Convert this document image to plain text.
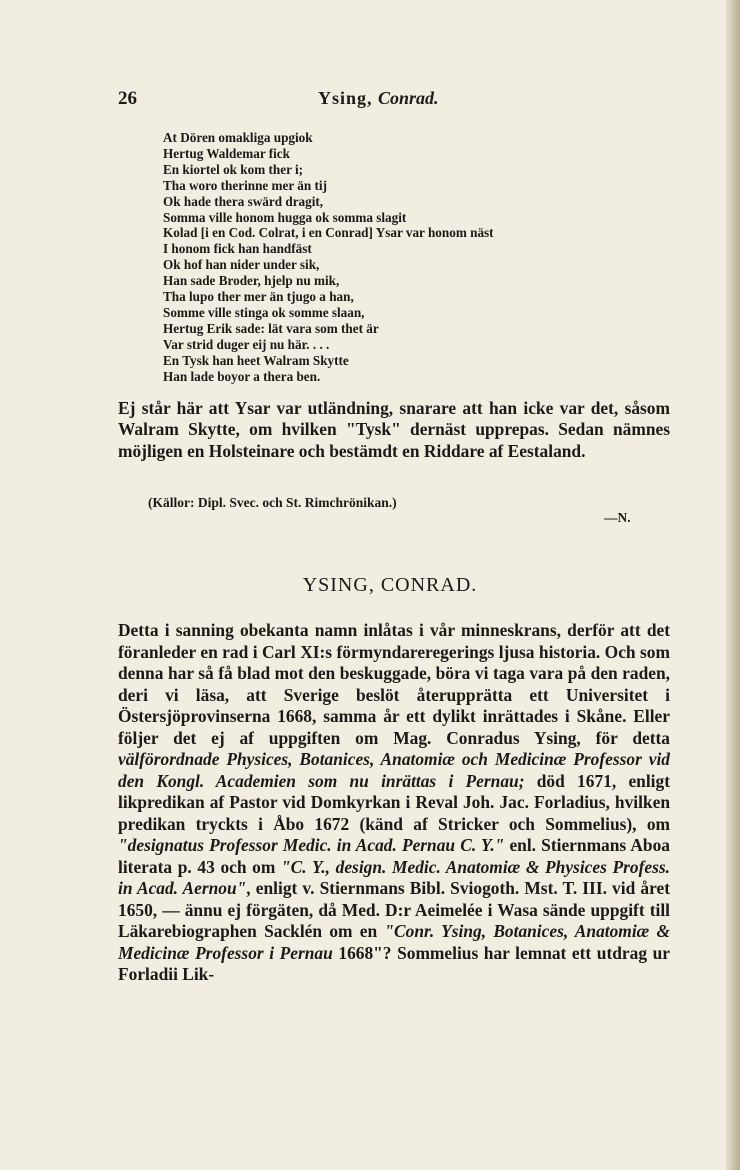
26	Ysing, Conrad.
At Dören omakliga upgiok
Hertug Waldemar fick
En kiortel ok kom ther i;
Tha woro therinne mer än tij
Ok hade thera swärd dragit,
Somma ville honom hugga ok somma slagit
Kolad [i en Cod. Colrat, i en Conrad] Ysar var honom näst
I honom fick han handfäst
Ok hof han nider under sik,
Han sade Broder, hjelp nu mik,
Tha lupo ther mer än tjugo a han,
Somme ville stinga ok somme slaan,
Hertug Erik sade: lät vara som thet är
Var strid duger eij nu här. . . .
En Tysk han heet Walram Skytte
Han lade boyor a thera ben.

Ej står här att Ysar var utländning, snarare att han icke var det, såsom Walram Skytte, om hvilken "Tysk" dernäst upprepas. Sedan nämnes möjligen en Holsteinare och bestämdt en Riddare af Eestaland.

(Källor: Dipl. Svec. och St. Rimchrönikan.)
—N.
YSING, CONRAD.

Detta i sanning obekanta namn inlåtas i vår minneskrans, derför att det föranleder en rad i Carl XI:s förmyndareregerings ljusa historia. Och som denna har så få blad mot den beskuggade, böra vi taga vara på den raden, deri vi läsa, att Sverige beslöt återupprätta ett Universitet i Östersjöprovinserna 1668, samma år ett dylikt inrättades i Skåne. Eller följer det ej af uppgiften om Mag. Conradus Ysing, för detta välförordnade Physices, Botanices, Anatomiæ och Medicinæ Professor vid den Kongl. Academien som nu inrättas i Pernau; död 1671, enligt likpredikan af Pastor vid Domkyrkan i Reval Joh. Jac. Forladius, hvilken predikan tryckts i Åbo 1672 (känd af Stricker och Sommelius), om "designatus Professor Medic. in Acad. Pernau C. Y." enl. Stiernmans Aboa literata p. 43 och om "C. Y., design. Medic. Anatomiæ & Physices Profess. in Acad. Aernou", enligt v. Stiernmans Bibl. Sviogoth. Mst. T. III. vid året 1650, — ännu ej förgäten, då Med. D:r Aeimelée i Wasa sände uppgift till Läkarebiographen Sacklén om en "Conr. Ysing, Botanices, Anatomiæ & Medicinæ Professor i Pernau 1668"? Sommelius har lemnat ett utdrag ur Forladii Lik-
